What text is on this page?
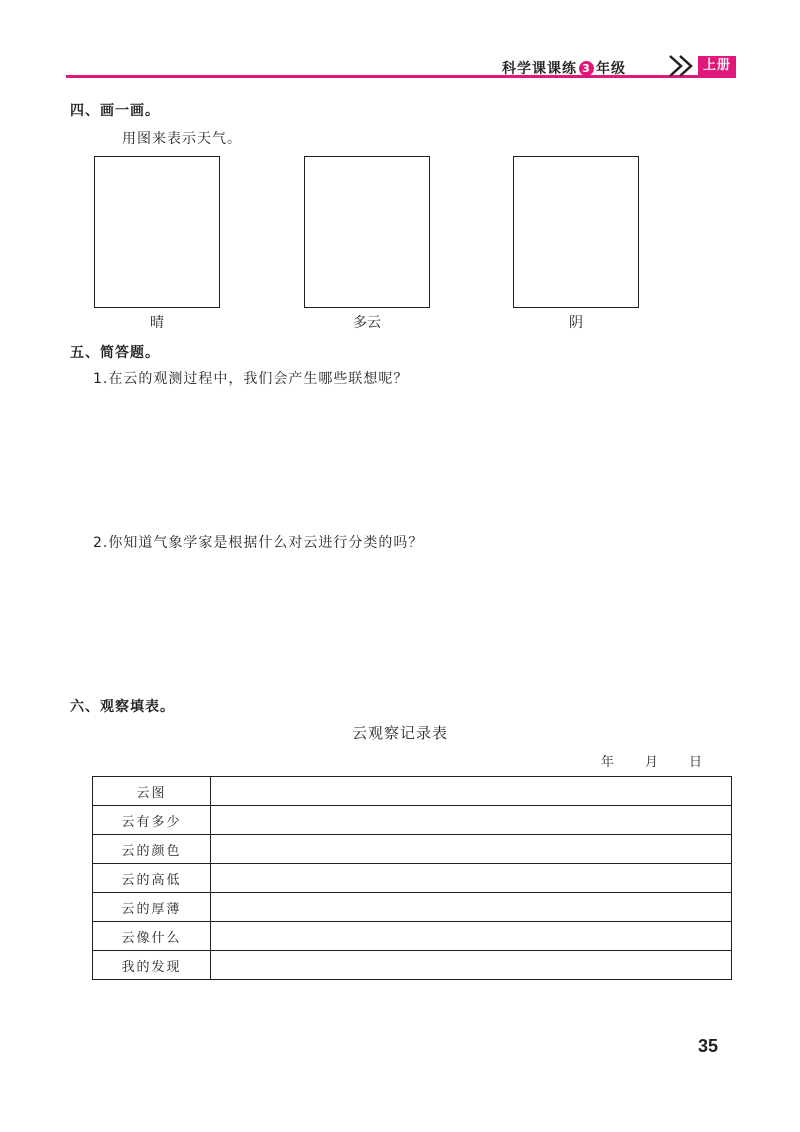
科学课课练 3 年级	上册
四、画一画。
用图来表示天气。
晴	多云	阴
五、简答题。
1.在云的观测过程中，我们会产生哪些联想呢？
2.你知道气象学家是根据什么对云进行分类的吗？
六、观察填表。
云观察记录表
年 月 日
云图	
云有多少	
云的颜色	
云的高低	
云的厚薄	
云像什么	
我的发现	
35
